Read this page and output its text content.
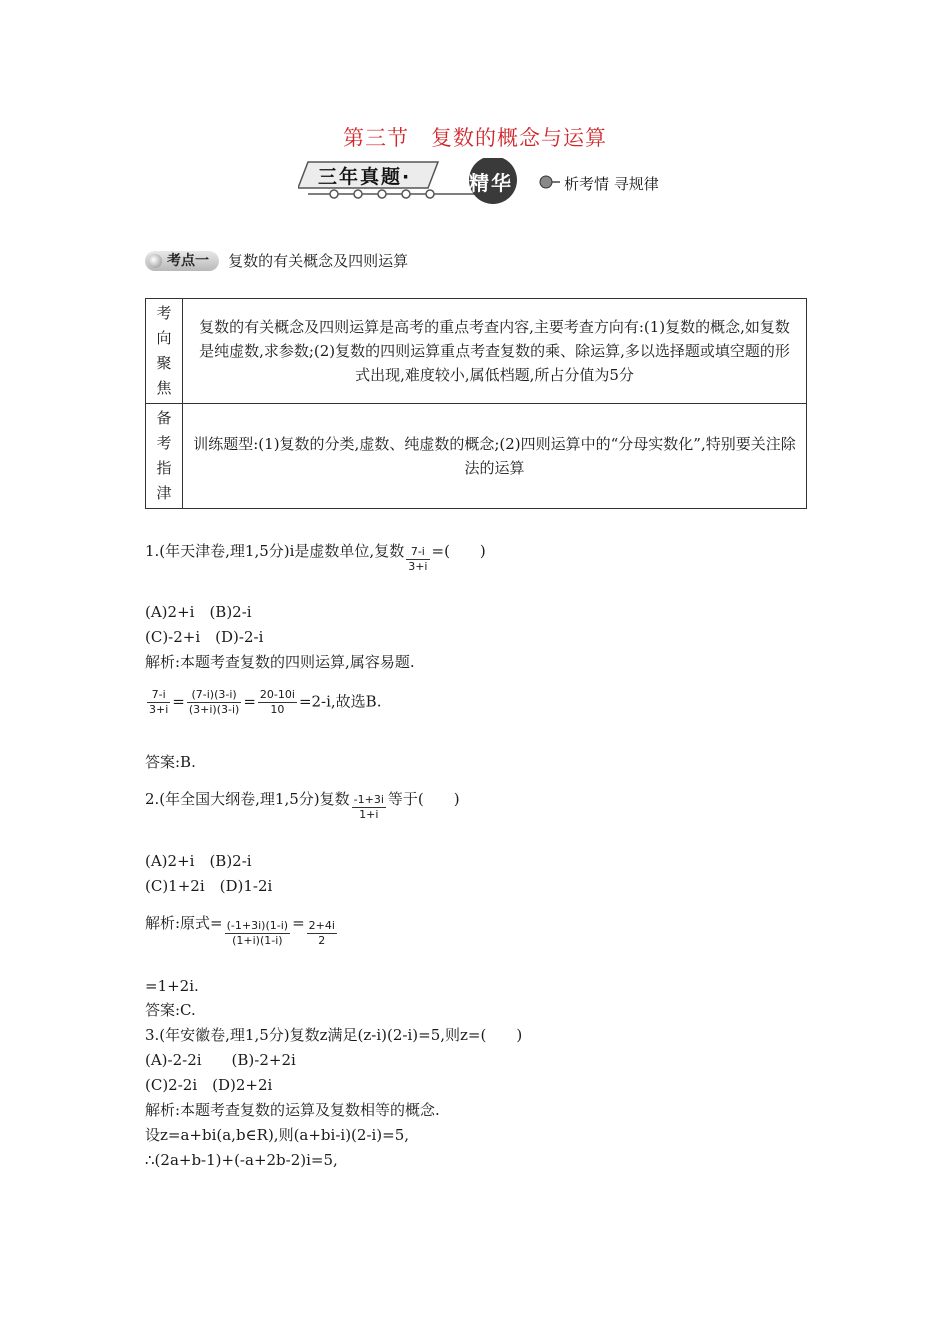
第三节　复数的概念与运算
三年真题·	精华	析考情 寻规律
考点一 复数的有关概念及四则运算
考
向
聚
焦	复数的有关概念及四则运算是高考的重点考查内容,主要考查方向有:(1)复数的概念,如复数是纯虚数,求参数;(2)复数的四则运算重点考查复数的乘、除运算,多以选择题或填空题的形式出现,难度较小,属低档题,所占分值为5分

备
考
指
津	训练题型:(1)复数的分类,虚数、纯虚数的概念;(2)四则运算中的“分母实数化”,特别要关注除法的运算
1.(年天津卷,理1,5分)i是虚数单位,复数 $\frac{7-i}{3+i}$ =(　　)
(A)2+i　(B)2-i
(C)-2+i　(D)-2-i
解析:本题考查复数的四则运算,属容易题.
$\frac{7-i}{3+i} = \frac{(7-i)(3-i)}{(3+i)(3-i)} = \frac{20-10i}{10} =2-i$,故选B.
答案:B.
2.(年全国大纲卷,理1,5分)复数 $\frac{-1+3i}{1+i}$ 等于(　　)
(A)2+i　(B)2-i
(C)1+2i　(D)1-2i
解析:原式= $\frac{(-1+3i)(1-i)}{(1+i)(1-i)} = \frac{2+4i}{2}$
=1+2i.
答案:C.
3.(年安徽卷,理1,5分)复数z满足(z-i)(2-i)=5,则z=(　　)
(A)-2-2i　　(B)-2+2i
(C)2-2i　(D)2+2i
解析:本题考查复数的运算及复数相等的概念.
设z=a+bi(a,b∈R),则(a+bi-i)(2-i)=5,
∴(2a+b-1)+(-a+2b-2)i=5,
